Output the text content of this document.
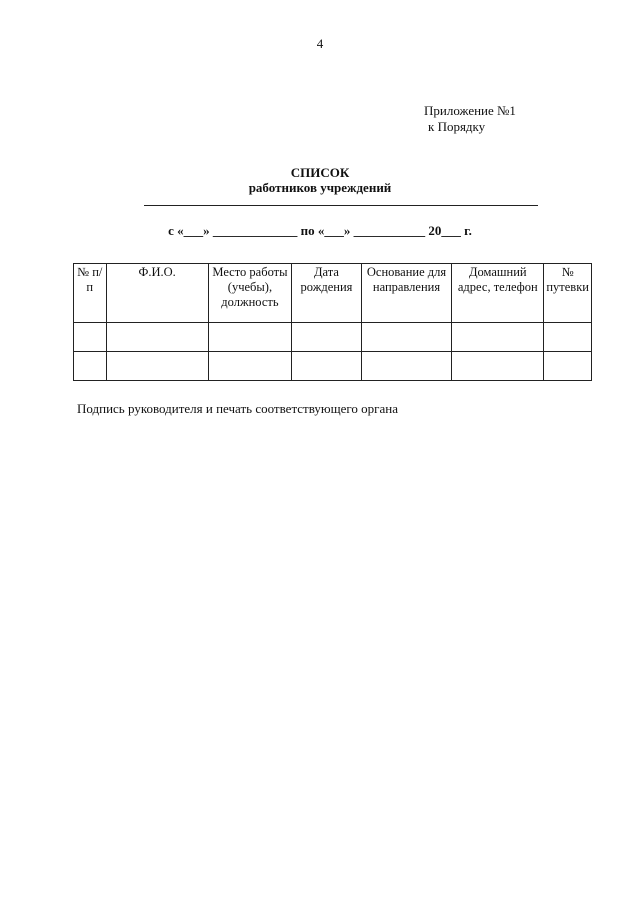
4
Приложение №1
к Порядку
СПИСОК
работников учреждений
с «___» _____________ по «___» ___________ 20___ г.
№ п/п	Ф.И.О.	Место работы (учебы), должность	Дата рождения	Основание для направления	Домашний адрес, телефон	№ путевки

Подпись руководителя и печать соответствующего органа
